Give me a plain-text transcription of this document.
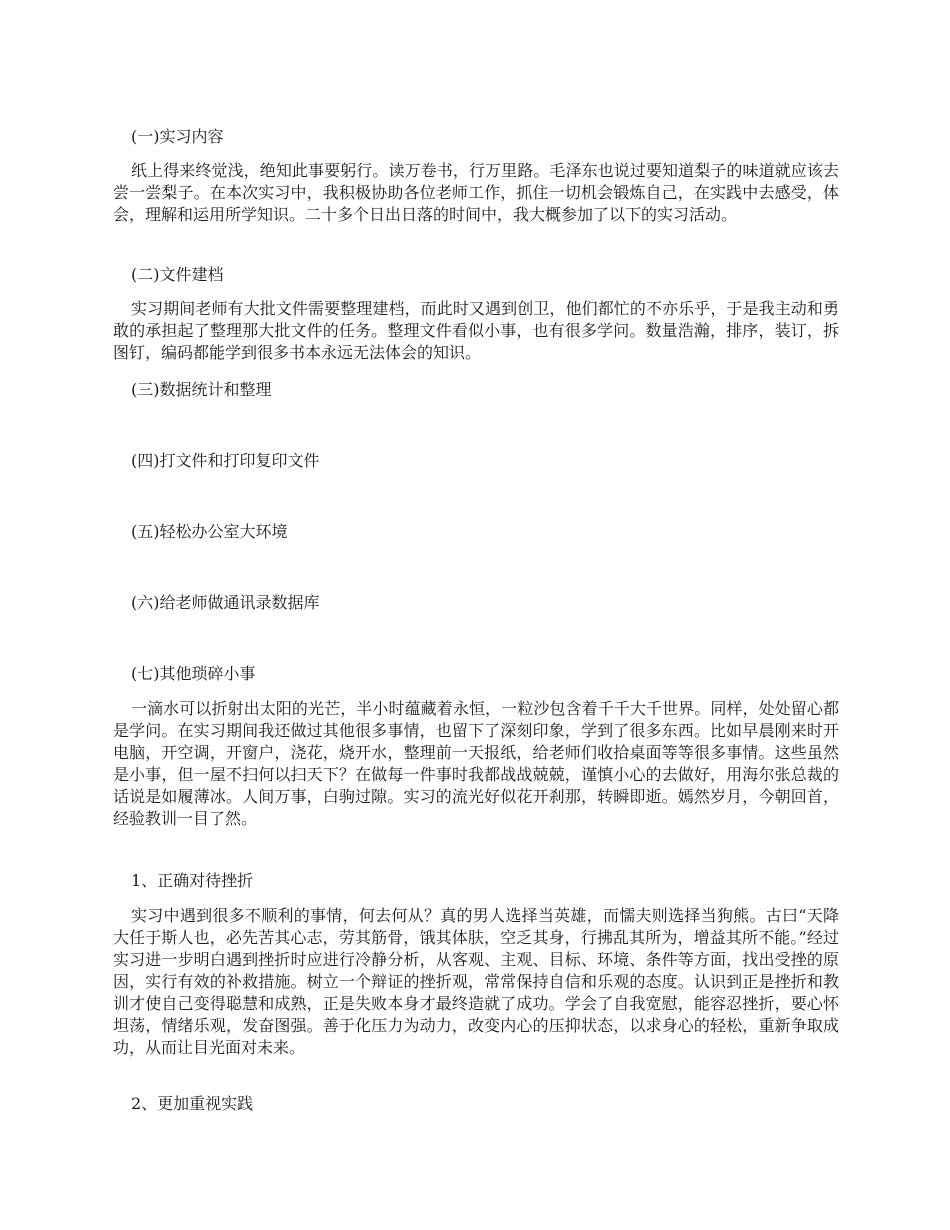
(一)实习内容

纸上得来终觉浅，绝知此事要躬行。读万卷书，行万里路。毛泽东也说过要知道梨子的味道就应该去尝一尝梨子。在本次实习中，我积极协助各位老师工作，抓住一切机会锻炼自己，在实践中去感受，体会，理解和运用所学知识。二十多个日出日落的时间中，我大概参加了以下的实习活动。

(二)文件建档

实习期间老师有大批文件需要整理建档，而此时又遇到创卫，他们都忙的不亦乐乎，于是我主动和勇敢的承担起了整理那大批文件的任务。整理文件看似小事，也有很多学问。数量浩瀚，排序，装订，拆图钉，编码都能学到很多书本永远无法体会的知识。

(三)数据统计和整理

(四)打文件和打印复印文件

(五)轻松办公室大环境

(六)给老师做通讯录数据库

(七)其他琐碎小事

一滴水可以折射出太阳的光芒，半小时蕴藏着永恒，一粒沙包含着千千大千世界。同样，处处留心都是学问。在实习期间我还做过其他很多事情，也留下了深刻印象，学到了很多东西。比如早晨刚来时开电脑，开空调，开窗户，浇花，烧开水，整理前一天报纸，给老师们收拾桌面等等很多事情。这些虽然是小事，但一屋不扫何以扫天下？在做每一件事时我都战战兢兢，谨慎小心的去做好，用海尔张总裁的话说是如履薄冰。人间万事，白驹过隙。实习的流光好似花开刹那，转瞬即逝。嫣然岁月，今朝回首，经验教训一目了然。

1、正确对待挫折

实习中遇到很多不顺利的事情，何去何从？真的男人选择当英雄，而懦夫则选择当狗熊。古曰“天降大任于斯人也，必先苦其心志，劳其筋骨，饿其体肤，空乏其身，行拂乱其所为，增益其所不能。”经过实习进一步明白遇到挫折时应进行冷静分析，从客观、主观、目标、环境、条件等方面，找出受挫的原因，实行有效的补救措施。树立一个辩证的挫折观，常常保持自信和乐观的态度。认识到正是挫折和教训才使自己变得聪慧和成熟，正是失败本身才最终造就了成功。学会了自我宽慰，能容忍挫折，要心怀坦荡，情绪乐观，发奋图强。善于化压力为动力，改变内心的压抑状态，以求身心的轻松，重新争取成功，从而让目光面对未来。

2、更加重视实践
